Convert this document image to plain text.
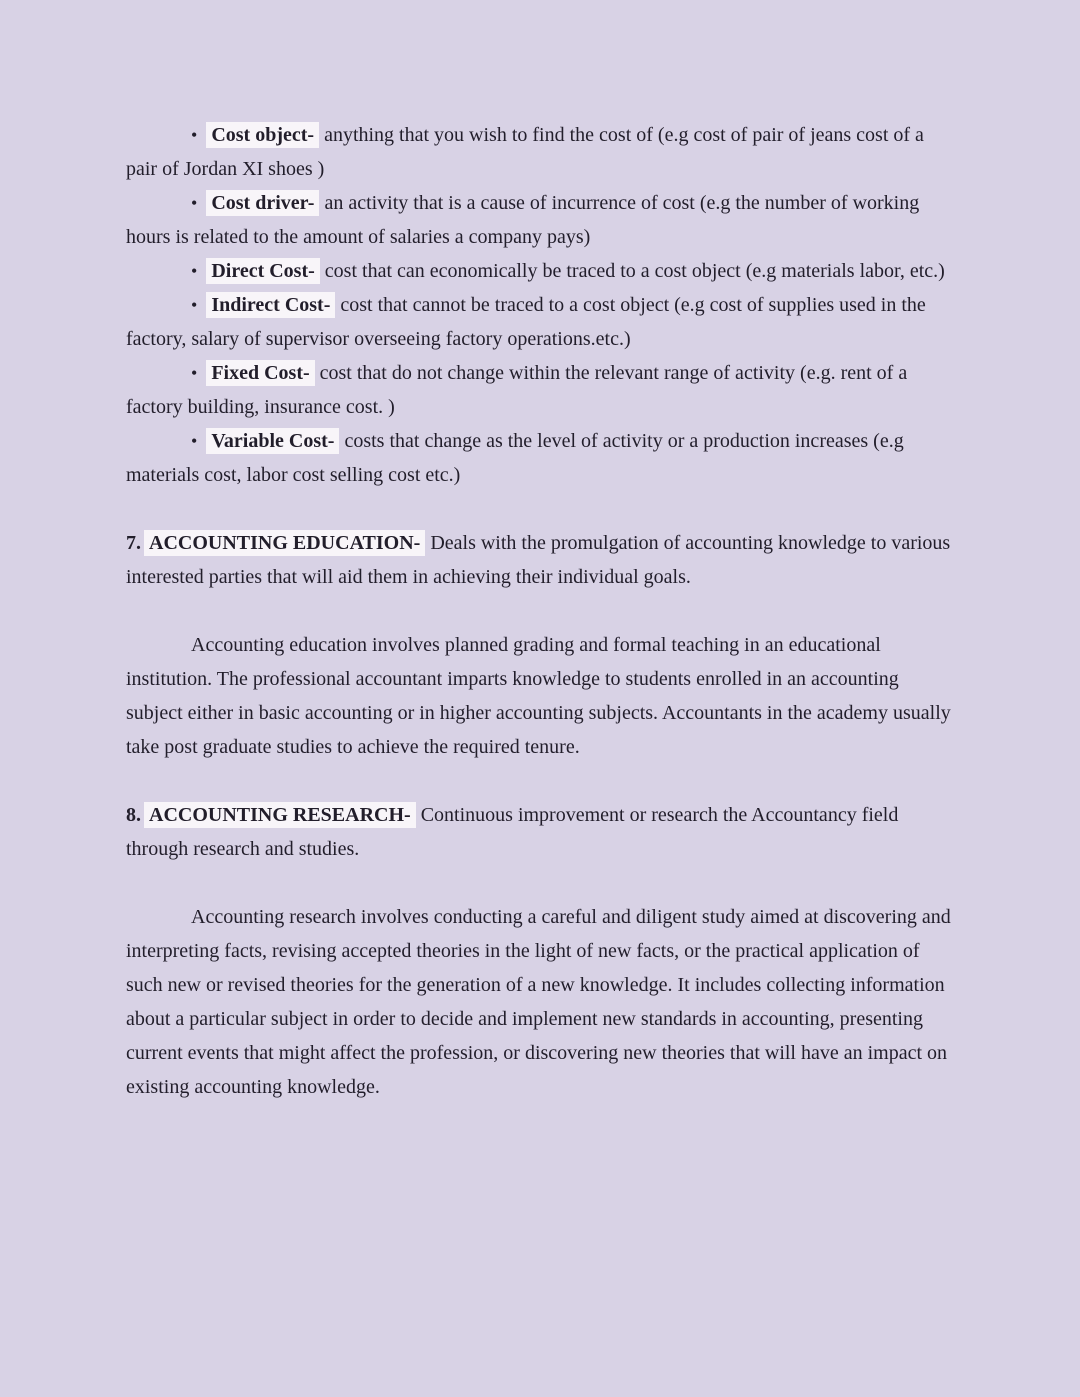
• Cost object- anything that you wish to find the cost of (e.g cost of pair of jeans cost of a pair of Jordan XI shoes )

• Cost driver- an activity that is a cause of incurrence of cost (e.g the number of working hours is related to the amount of salaries a company pays)

• Direct Cost- cost that can economically be traced to a cost object (e.g materials labor, etc.)

• Indirect Cost- cost that cannot be traced to a cost object (e.g cost of supplies used in the factory, salary of supervisor overseeing factory operations.etc.)

• Fixed Cost- cost that do not change within the relevant range of activity (e.g. rent of a factory building, insurance cost. )

• Variable Cost- costs that change as the level of activity or a production increases (e.g materials cost, labor cost selling cost etc.)

7. ACCOUNTING EDUCATION- Deals with the promulgation of accounting knowledge to various interested parties that will aid them in achieving their individual goals.

Accounting education involves planned grading and formal teaching in an educational institution. The professional accountant imparts knowledge to students enrolled in an accounting subject either in basic accounting or in higher accounting subjects. Accountants in the academy usually take post graduate studies to achieve the required tenure.

8. ACCOUNTING RESEARCH- Continuous improvement or research the Accountancy field through research and studies.

Accounting research involves conducting a careful and diligent study aimed at discovering and interpreting facts, revising accepted theories in the light of new facts, or the practical application of such new or revised theories for the generation of a new knowledge. It includes collecting information about a particular subject in order to decide and implement new standards in accounting, presenting current events that might affect the profession, or discovering new theories that will have an impact on existing accounting knowledge.
